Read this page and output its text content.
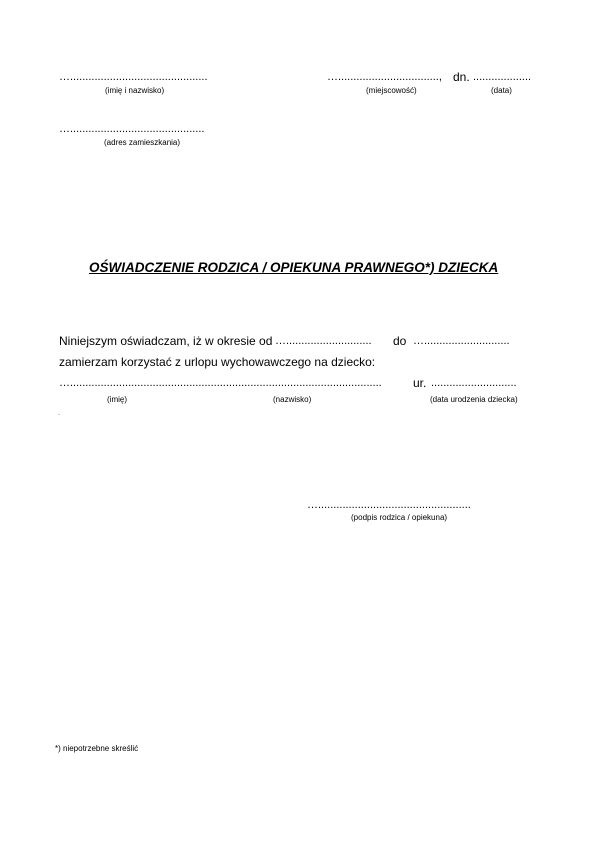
….............................................
(imię i nazwisko)
…................................., dn. ...................
(miejscowość)	(data)
…............................................
(adres zamieszkania)
OŚWIADCZENIE RODZICA / OPIEKUNA PRAWNEGO*) DZIECKA
Niniejszym oświadczam, iż w okresie od …............................ do …............................
zamierzam korzystać z urlopu wychowawczego na dziecko:
…......................................................................................................	ur. ............................
(imię)	(nazwisko)	(data urodzenia dziecka)
.
…..................................................
(podpis rodzica / opiekuna)
*) niepotrzebne skreślić
